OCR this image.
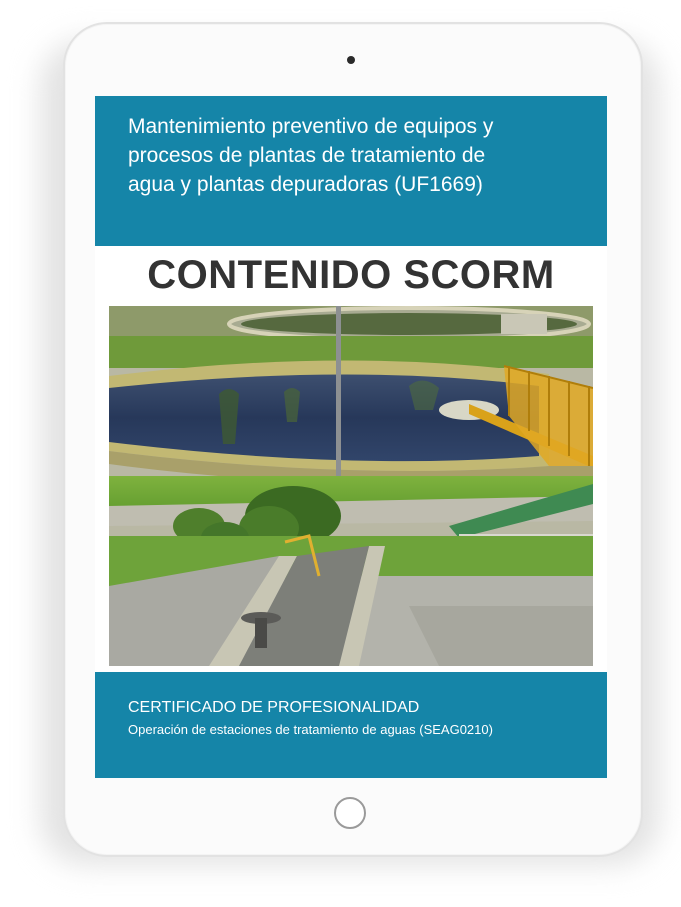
Mantenimiento preventivo de equipos y procesos de plantas de tratamiento de agua y plantas depuradoras (UF1669)
CONTENIDO SCORM
CERTIFICADO DE PROFESIONALIDAD
Operación de estaciones de tratamiento de aguas (SEAG0210)
